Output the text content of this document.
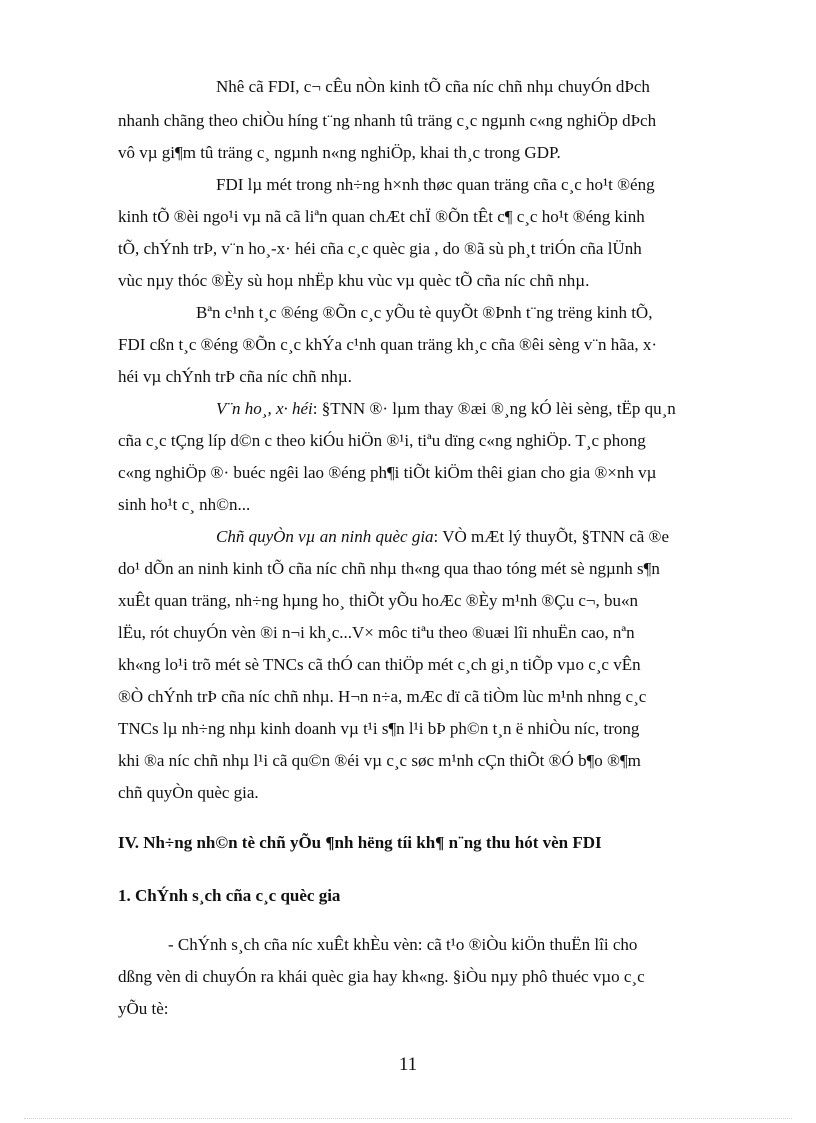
Nhê cã FDI, c¬ cÊu nÒn kinh tÕ cña níc chñ nhµ chuyÓn dÞch
nhanh chãng theo chiÒu híng t¨ng nhanh tû träng c¸c ngµnh c«ng nghiÖp dÞch
vô vµ gi¶m tû träng c¸ ngµnh n«ng nghiÖp, khai th¸c trong GDP.
FDI lµ mét trong nh÷ng h×nh thøc quan träng cña c¸c ho¹t ®éng
kinh tÕ ®èi ngo¹i vµ nã cã liªn quan chÆt chÏ ®Õn tÊt c¶ c¸c ho¹t ®éng kinh
tÕ, chÝnh trÞ, v¨n ho¸-x· héi cña c¸c quèc gia , do ®ã sù ph¸t triÓn cña lÜnh
vùc nµy thóc ®Èy sù hoµ nhËp khu vùc vµ quèc tÕ cña níc chñ nhµ.
Bªn c¹nh t¸c ®éng ®Õn c¸c yÕu tè quyÕt ®Þnh t¨ng trëng kinh tÕ,
FDI cßn t¸c ®éng ®Õn c¸c khÝa c¹nh quan träng kh¸c cña ®êi sèng v¨n hãa, x·
héi vµ chÝnh trÞ cña níc chñ nhµ.
V¨n ho¸, x· héi: §TNN ®· lµm thay ®æi ®¸ng kÓ lèi sèng, tËp qu¸n
cña c¸c tÇng líp d©n c theo kiÓu hiÖn ®¹i, tiªu dïng c«ng nghiÖp. T¸c phong
c«ng nghiÖp ®· buéc ngêi lao ®éng ph¶i tiÕt kiÖm thêi gian cho gia ®×nh vµ
sinh ho¹t c¸ nh©n...
Chñ quyÒn vµ an ninh quèc gia: VÒ mÆt lý thuyÕt, §TNN cã ®e
do¹ dÕn an ninh kinh tÕ cña níc chñ nhµ th«ng qua thao tóng mét sè ngµnh s¶n
xuÊt quan träng, nh÷ng hµng ho¸ thiÕt yÕu hoÆc ®Èy m¹nh ®Çu c¬, bu«n
lËu, rót chuyÓn vèn ®i n¬i kh¸c...V× môc tiªu theo ®uæi lîi nhuËn cao, nªn
kh«ng lo¹i trõ mét sè TNCs cã thÓ can thiÖp mét c¸ch gi¸n tiÕp vµo c¸c vÊn
®Ò chÝnh trÞ cña níc chñ nhµ. H¬n n÷a, mÆc dï cã tiÒm lùc m¹nh nhng c¸c
TNCs lµ nh÷ng nhµ kinh doanh vµ t¹i s¶n l¹i bÞ ph©n t¸n ë nhiÒu níc, trong
khi ®a níc chñ nhµ l¹i cã qu©n ®éi vµ c¸c søc m¹nh cÇn thiÕt ®Ó b¶o ®¶m
chñ quyÒn quèc gia.
IV. Nh÷ng nh©n tè chñ yÕu ¶nh hëng tíi kh¶ n¨ng thu hót vèn FDI
1. ChÝnh s¸ch cña c¸c quèc gia
- ChÝnh s¸ch cña níc xuÊt khÈu vèn: cã t¹o ®iÒu kiÖn thuËn lîi cho
dßng vèn di chuyÓn ra khái quèc gia hay kh«ng. §iÒu nµy phô thuéc vµo c¸c
yÕu tè:
11
